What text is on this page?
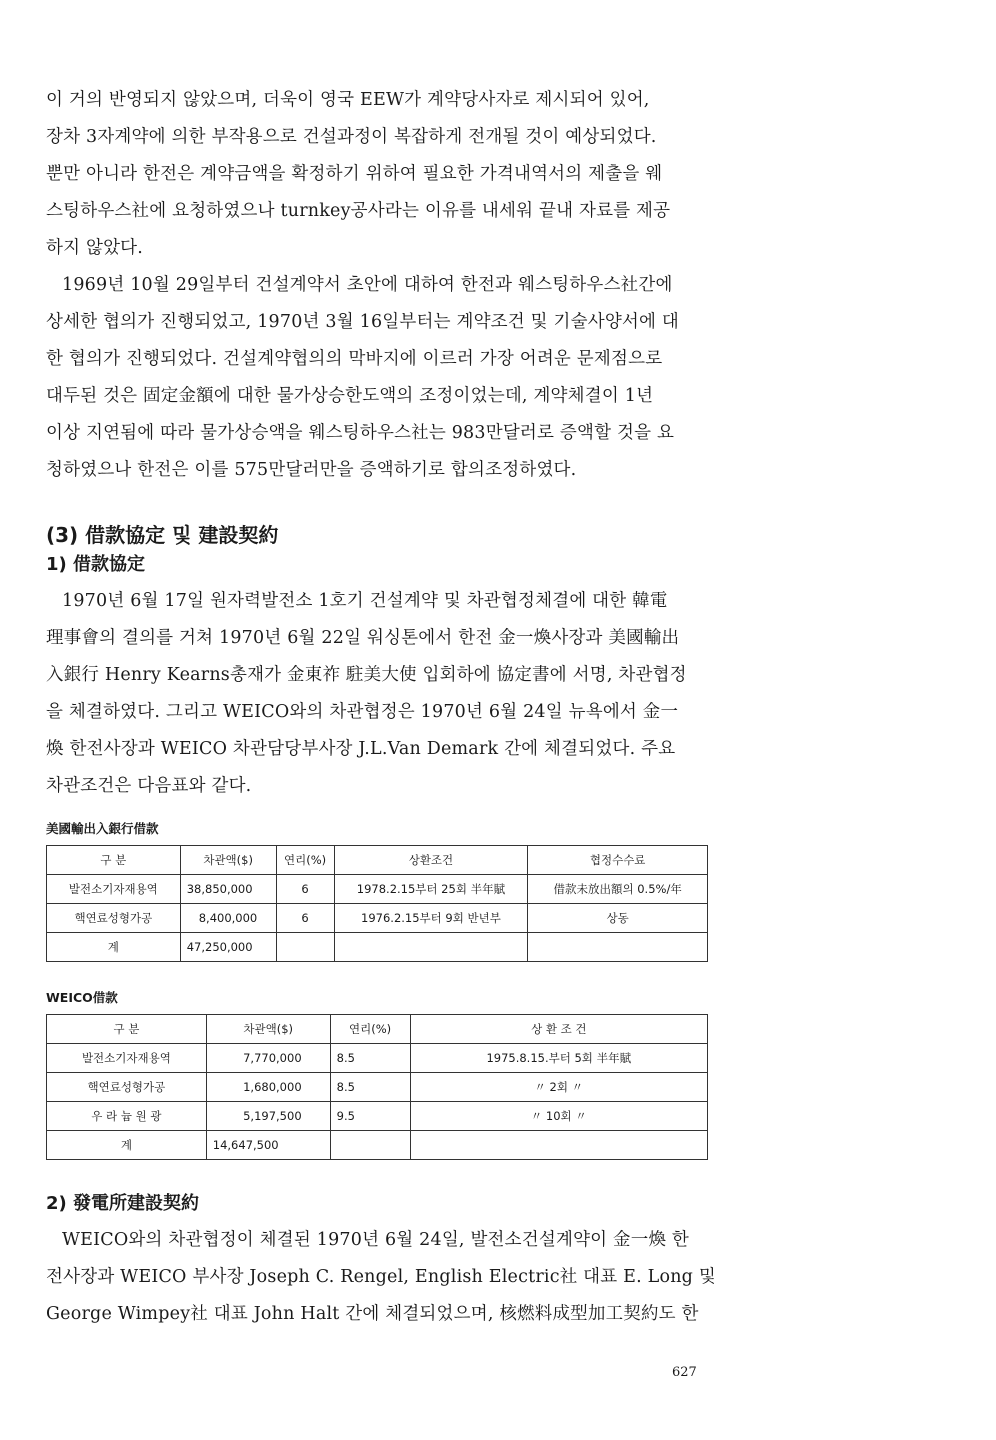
이 거의 반영되지 않았으며, 더욱이 영국 EEW가 계약당사자로 제시되어 있어,
장차 3자계약에 의한 부작용으로 건설과정이 복잡하게 전개될 것이 예상되었다.
뿐만 아니라 한전은 계약금액을 확정하기 위하여 필요한 가격내역서의 제출을 웨
스팅하우스社에 요청하였으나 turnkey공사라는 이유를 내세워 끝내 자료를 제공
하지 않았다.

1969년 10월 29일부터 건설계약서 초안에 대하여 한전과 웨스팅하우스社간에
상세한 협의가 진행되었고, 1970년 3월 16일부터는 계약조건 및 기술사양서에 대
한 협의가 진행되었다. 건설계약협의의 막바지에 이르러 가장 어려운 문제점으로
대두된 것은 固定金額에 대한 물가상승한도액의 조정이었는데, 계약체결이 1년
이상 지연됨에 따라 물가상승액을 웨스팅하우스社는 983만달러로 증액할 것을 요
청하였으나 한전은 이를 575만달러만을 증액하기로 합의조정하였다.

(3) 借款協定 및 建設契約
1) 借款協定

1970년 6월 17일 원자력발전소 1호기 건설계약 및 차관협정체결에 대한 韓電
理事會의 결의를 거쳐 1970년 6월 22일 워싱톤에서 한전 金一煥사장과 美國輸出
入銀行 Henry Kearns총재가 金東祚 駐美大使 입회하에 協定書에 서명, 차관협정
을 체결하였다. 그리고 WEICO와의 차관협정은 1970년 6월 24일 뉴욕에서 金一
煥 한전사장과 WEICO 차관담당부사장 J.L.Van Demark 간에 체결되었다. 주요
차관조건은 다음표와 같다.

美國輸出入銀行借款

구 분	차관액($)	연리(%)	상환조건	협정수수료
발전소기자재용역	38,850,000	6	1978.2.15부터 25회 半年賦	借款未放出額의 0.5%/年
핵연료성형가공	8,400,000	6	1976.2.15부터 9회 반년부	상동
계	47,250,000			

WEICO借款

구 분	차관액($)	연리(%)	상 환 조 건
발전소기자재용역	7,770,000	8.5	1975.8.15.부터 5회 半年賦
핵연료성형가공	1,680,000	8.5	〃 2회 〃
우 라 늄 원 광	5,197,500	9.5	〃 10회 〃
계	14,647,500		
2) 發電所建設契約

WEICO와의 차관협정이 체결된 1970년 6월 24일, 발전소건설계약이 金一煥 한
전사장과 WEICO 부사장 Joseph C. Rengel, English Electric社 대표 E. Long 및
George Wimpey社 대표 John Halt 간에 체결되었으며, 核燃料成型加工契約도 한

627
